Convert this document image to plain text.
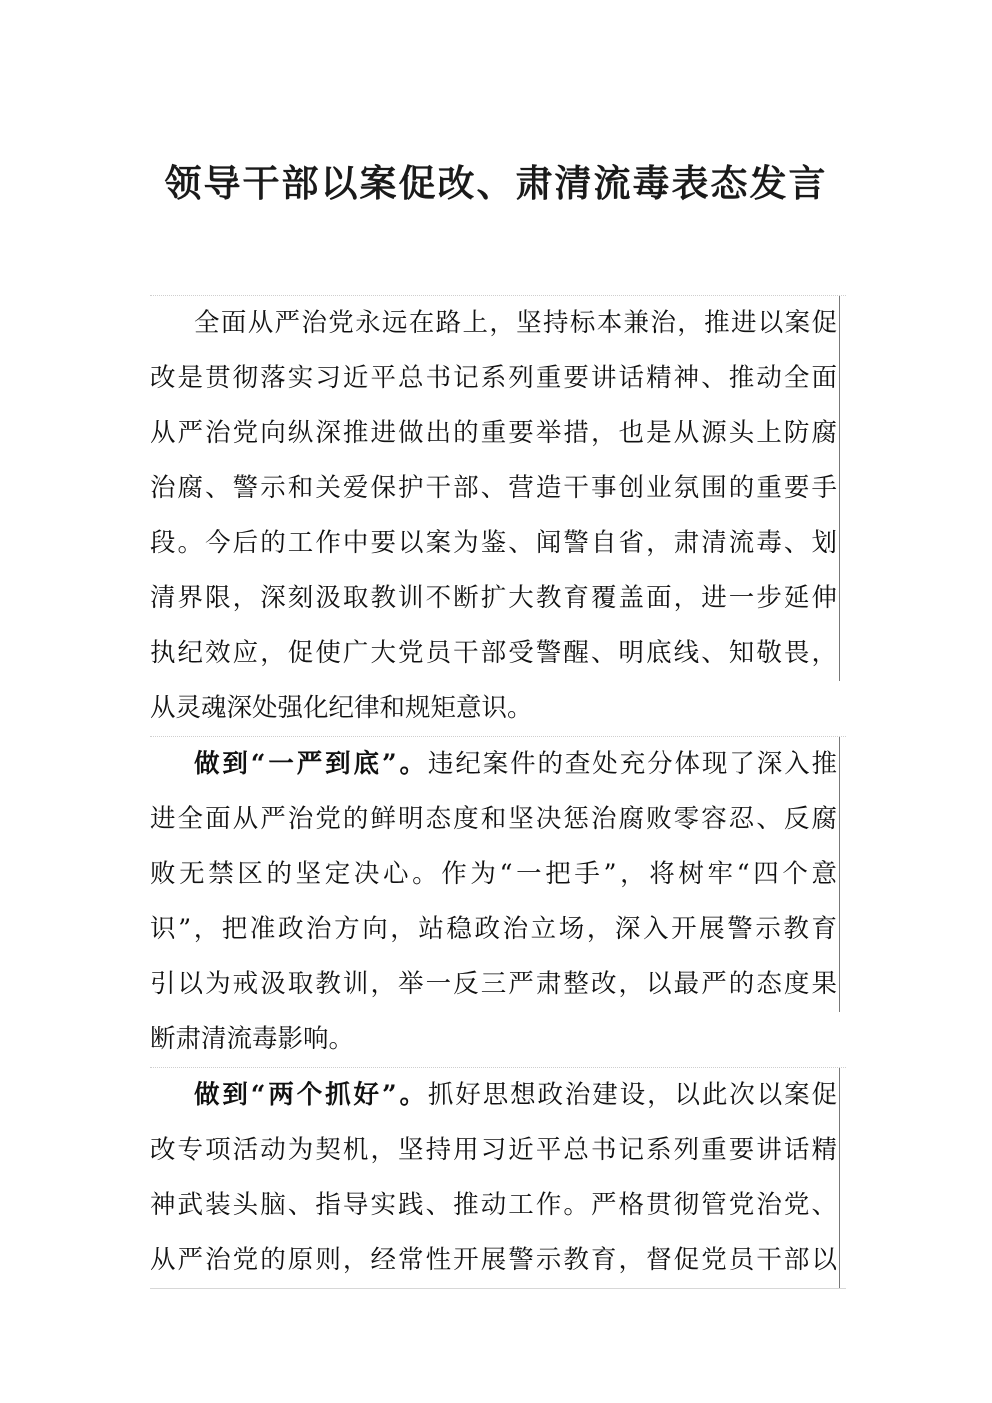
领导干部以案促改、肃清流毒表态发言
全面从严治党永远在路上，坚持标本兼治，推进以案促
改是贯彻落实习近平总书记系列重要讲话精神、推动全面
从严治党向纵深推进做出的重要举措，也是从源头上防腐
治腐、警示和关爱保护干部、营造干事创业氛围的重要手
段。今后的工作中要以案为鉴、闻警自省，肃清流毒、划
清界限，深刻汲取教训不断扩大教育覆盖面，进一步延伸
执纪效应，促使广大党员干部受警醒、明底线、知敬畏，
从灵魂深处强化纪律和规矩意识。
做到“一严到底”。违纪案件的查处充分体现了深入推
进全面从严治党的鲜明态度和坚决惩治腐败零容忍、反腐
败无禁区的坚定决心。作为“一把手”，将树牢“四个意
识”，把准政治方向，站稳政治立场，深入开展警示教育
引以为戒汲取教训，举一反三严肃整改，以最严的态度果
断肃清流毒影响。
做到“两个抓好”。抓好思想政治建设，以此次以案促
改专项活动为契机，坚持用习近平总书记系列重要讲话精
神武装头脑、指导实践、推动工作。严格贯彻管党治党、
从严治党的原则，经常性开展警示教育，督促党员干部以
